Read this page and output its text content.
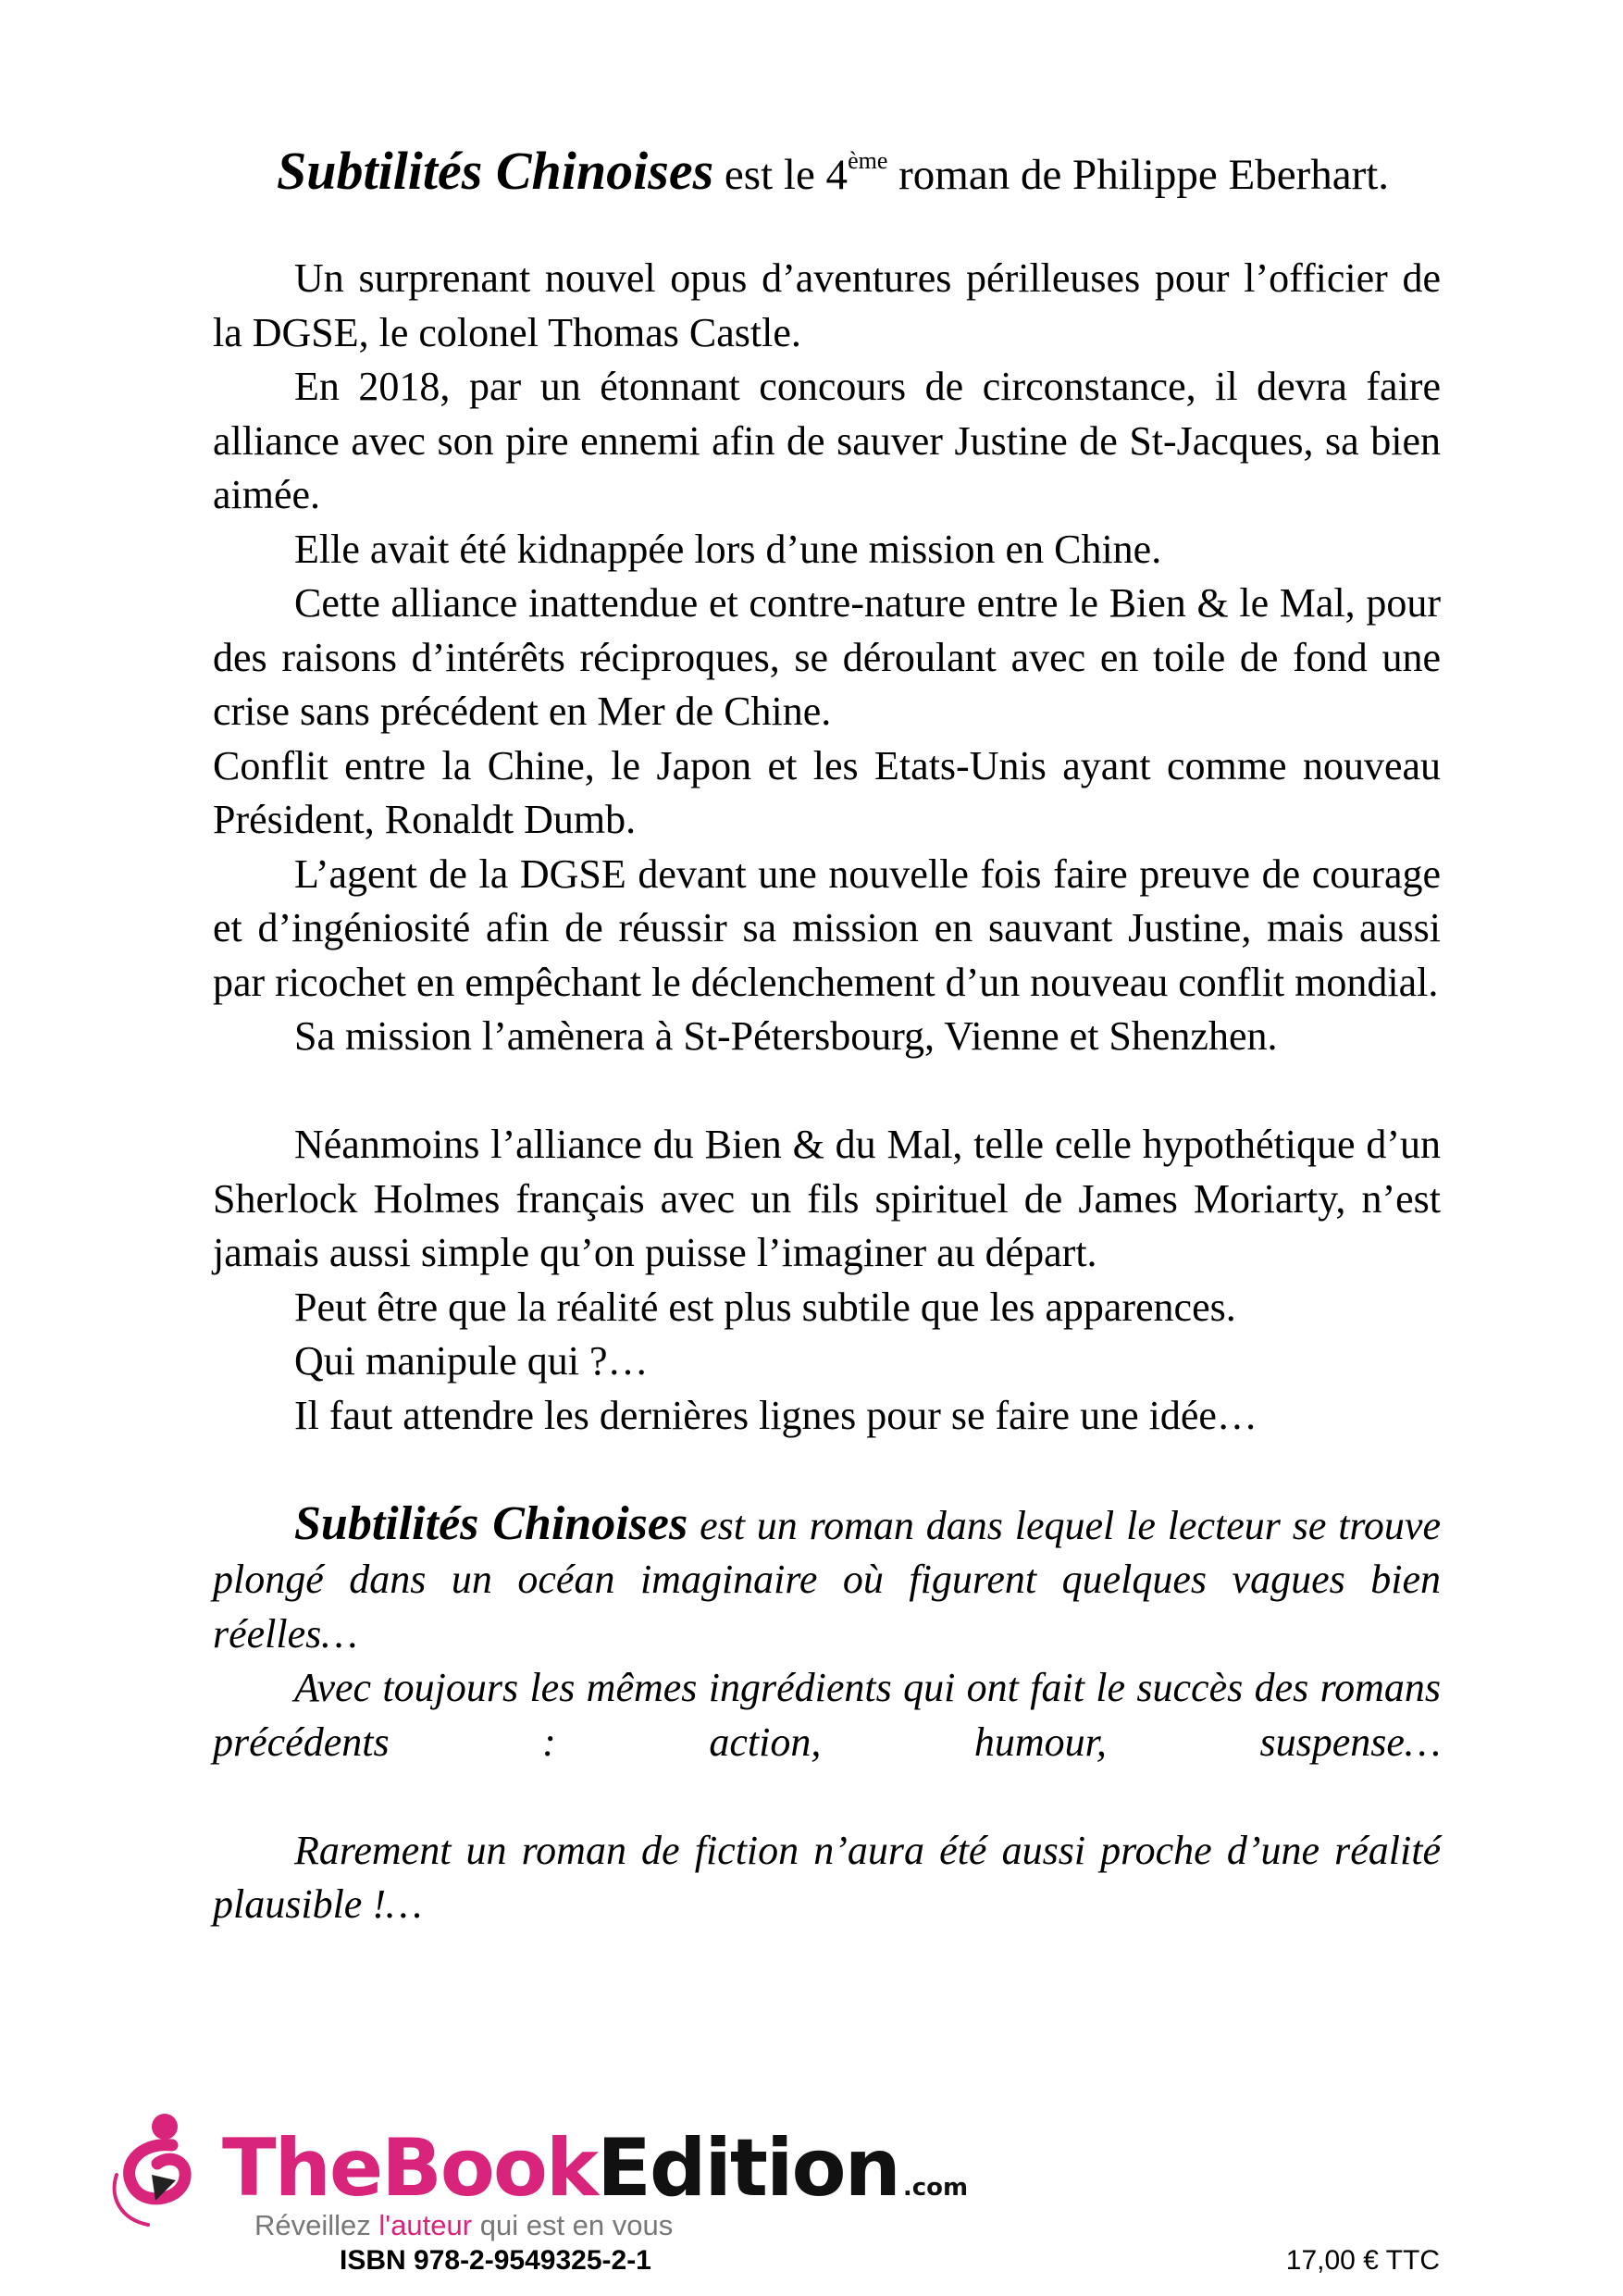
Subtilités Chinoises est le 4ème roman de Philippe Eberhart.

Un surprenant nouvel opus d’aventures périlleuses pour l’officier de la DGSE, le colonel Thomas Castle.

En 2018, par un étonnant concours de circonstance, il devra faire alliance avec son pire ennemi afin de sauver Justine de St-Jacques, sa bien aimée.

Elle avait été kidnappée lors d’une mission en Chine.

Cette alliance inattendue et contre-nature entre le Bien & le Mal, pour des raisons d’intérêts réciproques, se déroulant avec en toile de fond une crise sans précédent en Mer de Chine.

Conflit entre la Chine, le Japon et les Etats-Unis ayant comme nouveau Président, Ronaldt Dumb.

L’agent de la DGSE devant une nouvelle fois faire preuve de courage et d’ingéniosité afin de réussir sa mission en sauvant Justine, mais aussi par ricochet en empêchant le déclenchement d’un nouveau conflit mondial.

Sa mission l’amènera à St-Pétersbourg, Vienne et Shenzhen.

Néanmoins l’alliance du Bien & du Mal, telle celle hypothétique d’un Sherlock Holmes français avec un fils spirituel de James Moriarty, n’est jamais aussi simple qu’on puisse l’imaginer au départ.

Peut être que la réalité est plus subtile que les apparences.

Qui manipule qui ?…

Il faut attendre les dernières lignes pour se faire une idée…

Subtilités Chinoises est un roman dans lequel le lecteur se trouve plongé dans un océan imaginaire où figurent quelques vagues bien réelles…

Avec toujours les mêmes ingrédients qui ont fait le succès des romans précédents : action, humour, suspense…

Rarement un roman de fiction n’aura été aussi proche d’une réalité plausible !…

TheBookEdition .com
Réveillez l'auteur qui est en vous
ISBN 978-2-9549325-2-1	17,00 € TTC
